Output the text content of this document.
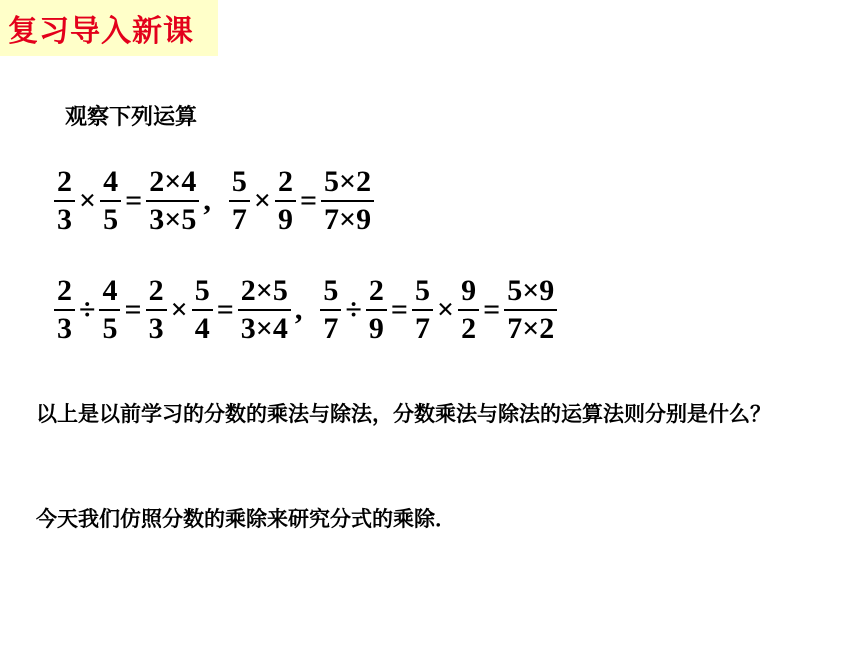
复习导入新课
观察下列运算
$\frac{2}{3} \times \frac{4}{5} = \frac{2\times 4}{3\times 5}$ , $\frac{5}{7} \times \frac{2}{9} = \frac{5\times 2}{7\times 9}$
$\frac{2}{3} \div \frac{4}{5} = \frac{2}{3} \times \frac{5}{4} = \frac{2\times 5}{3\times 4}$ , $\frac{5}{7} \div \frac{2}{9} = \frac{5}{7} \times \frac{9}{2} = \frac{5\times 9}{7\times 2}$
以上是以前学习的分数的乘法与除法，分数乘法与除法的运算法则分别是什么？
今天我们仿照分数的乘除来研究分式的乘除．
